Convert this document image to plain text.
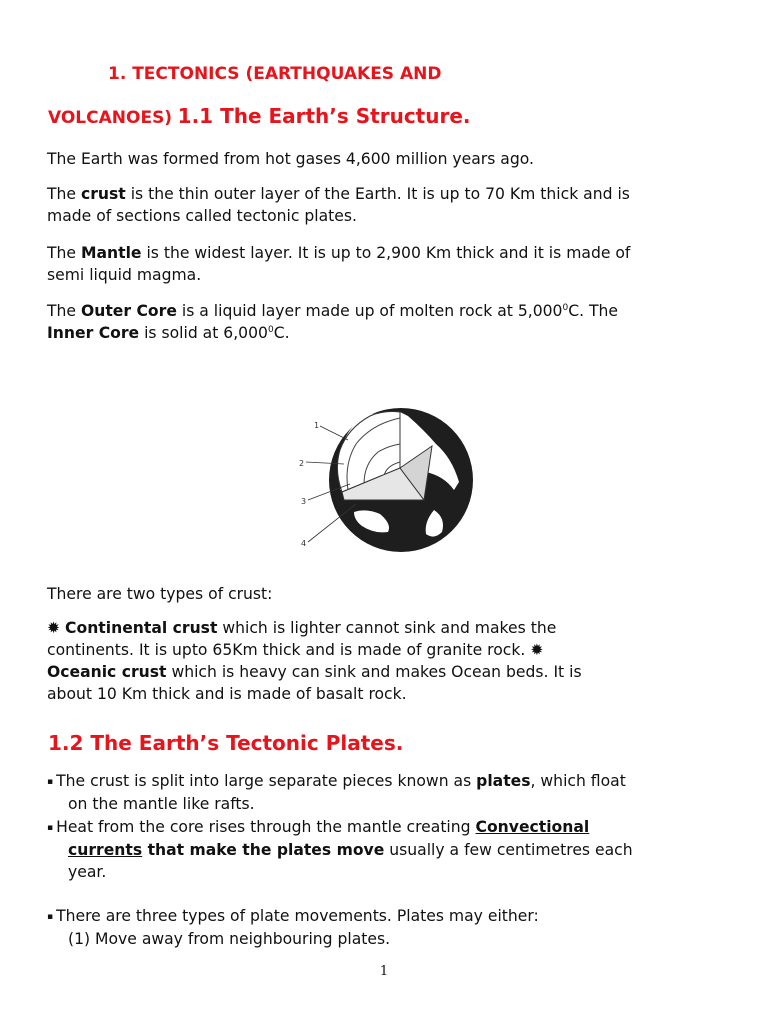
1. TECTONICS (EARTHQUAKES AND
VOLCANOES) 1.1 The Earth’s Structure.
The Earth was formed from hot gases 4,600 million years ago.
The crust is the thin outer layer of the Earth. It is up to 70 Km thick and is
made of sections called tectonic plates.
The Mantle is the widest layer. It is up to 2,900 Km thick and it is made of
semi liquid magma.
The Outer Core is a liquid layer made up of molten rock at 5,000$^0$C. The
Inner Core is solid at 6,000$^0$C.
1
2
3
4
There are two types of crust:
✹ Continental crust which is lighter cannot sink and makes the
continents. It is upto 65Km thick and is made of granite rock. ✹
Oceanic crust which is heavy can sink and makes Ocean beds. It is
about 10 Km thick and is made of basalt rock.
1.2 The Earth’s Tectonic Plates.
▪ The crust is split into large separate pieces known as plates, which float
on the mantle like rafts.
▪ Heat from the core rises through the mantle creating Convectional
currents that make the plates move usually a few centimetres each
year.
▪ There are three types of plate movements. Plates may either:
(1) Move away from neighbouring plates.
1
